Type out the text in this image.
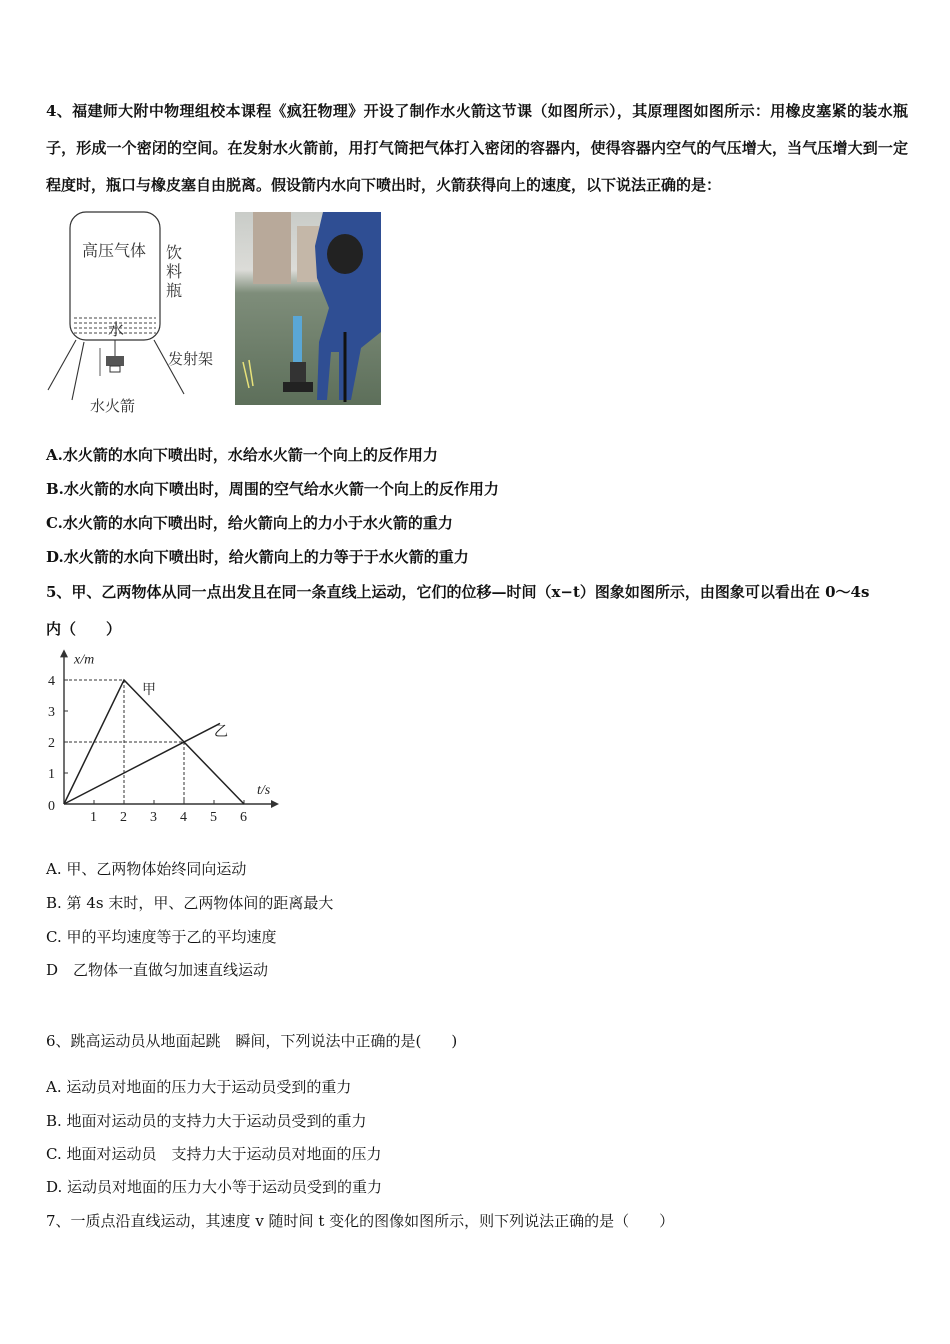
4、福建师大附中物理组校本课程《疯狂物理》开设了制作水火箭这节课（如图所示），其原理图如图所示：用橡皮塞紧的装水瓶子，形成一个密闭的空间。在发射水火箭前，用打气筒把气体打入密闭的容器内，使得容器内空气的气压增大，当气压增大到一定程度时，瓶口与橡皮塞自由脱离。假设箭内水向下喷出时，火箭获得向上的速度，以下说法正确的是：

高压气体 饮
料
瓶
水
发射架
水火箭

A.水火箭的水向下喷出时，水给水火箭一个向上的反作用力

B.水火箭的水向下喷出时，周围的空气给水火箭一个向上的反作用力

C.水火箭的水向下喷出时，给火箭向上的力小于水火箭的重力

D.水火箭的水向下喷出时，给火箭向上的力等于于水火箭的重力

5、甲、乙两物体从同一点出发且在同一条直线上运动，它们的位移—时间（x−t）图象如图所示，由图象可以看出在 0～4s

内（　　）

1 2 3 4 5 6
1
2
3
4
0
x/m
t/s
甲
乙

A. 甲、乙两物体始终同向运动

B. 第 4s 末时，甲、乙两物体间的距离最大

C. 甲的平均速度等于乙的平均速度

D　乙物体一直做匀加速直线运动

6、跳高运动员从地面起跳　瞬间，下列说法中正确的是(　　)

A. 运动员对地面的压力大于运动员受到的重力

B. 地面对运动员的支持力大于运动员受到的重力

C. 地面对运动员　支持力大于运动员对地面的压力

D. 运动员对地面的压力大小等于运动员受到的重力

7、一质点沿直线运动，其速度 v 随时间 t 变化的图像如图所示，则下列说法正确的是（　　）
